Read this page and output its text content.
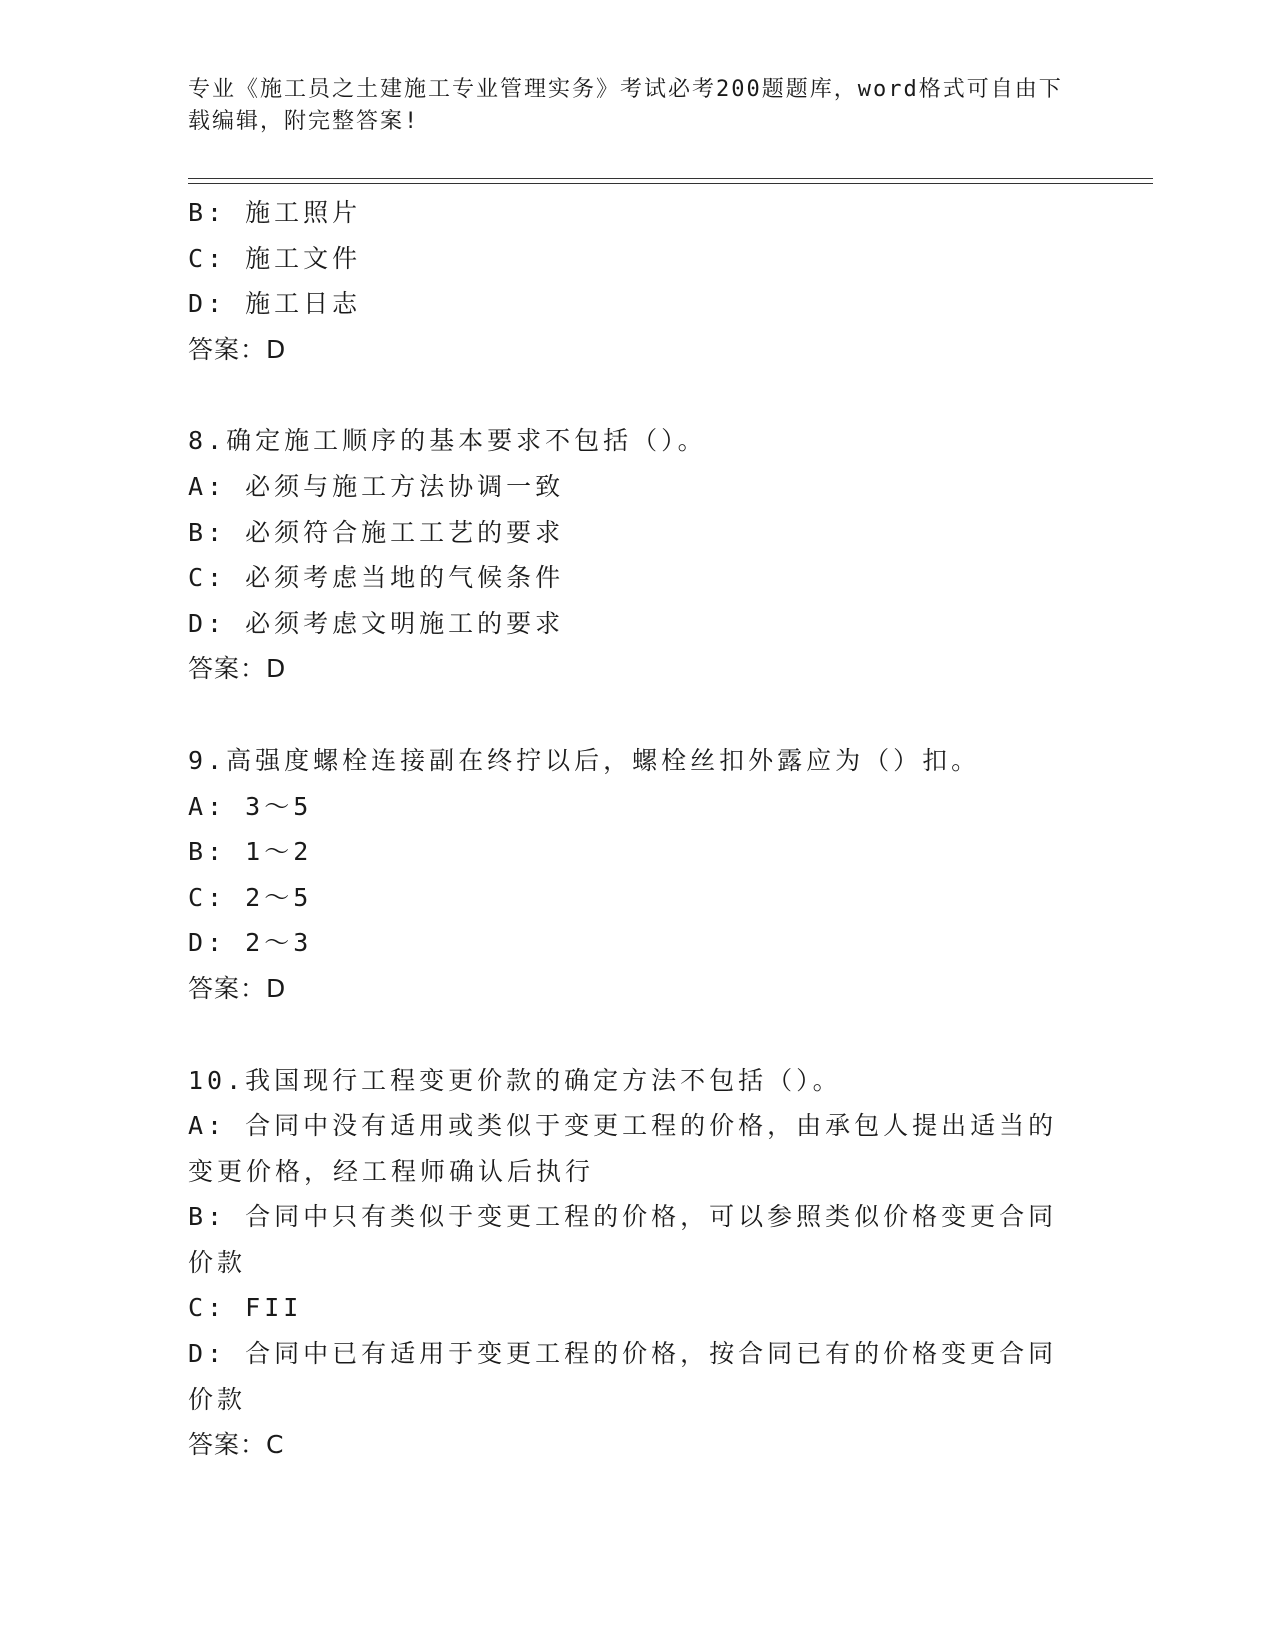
专业《施工员之土建施工专业管理实务》考试必考200题题库，word格式可自由下载编辑，附完整答案!
B: 施工照片
C: 施工文件
D: 施工日志
答案：D
8.确定施工顺序的基本要求不包括（）。
A: 必须与施工方法协调一致
B: 必须符合施工工艺的要求
C: 必须考虑当地的气候条件
D: 必须考虑文明施工的要求
答案：D
9.高强度螺栓连接副在终拧以后，螺栓丝扣外露应为（）扣。
A: 3～5
B: 1～2
C: 2～5
D: 2～3
答案：D
10.我国现行工程变更价款的确定方法不包括（）。
A: 合同中没有适用或类似于变更工程的价格，由承包人提出适当的变更价格，经工程师确认后执行
B: 合同中只有类似于变更工程的价格，可以参照类似价格变更合同价款
C: FII
D: 合同中已有适用于变更工程的价格，按合同已有的价格变更合同价款
答案：C
